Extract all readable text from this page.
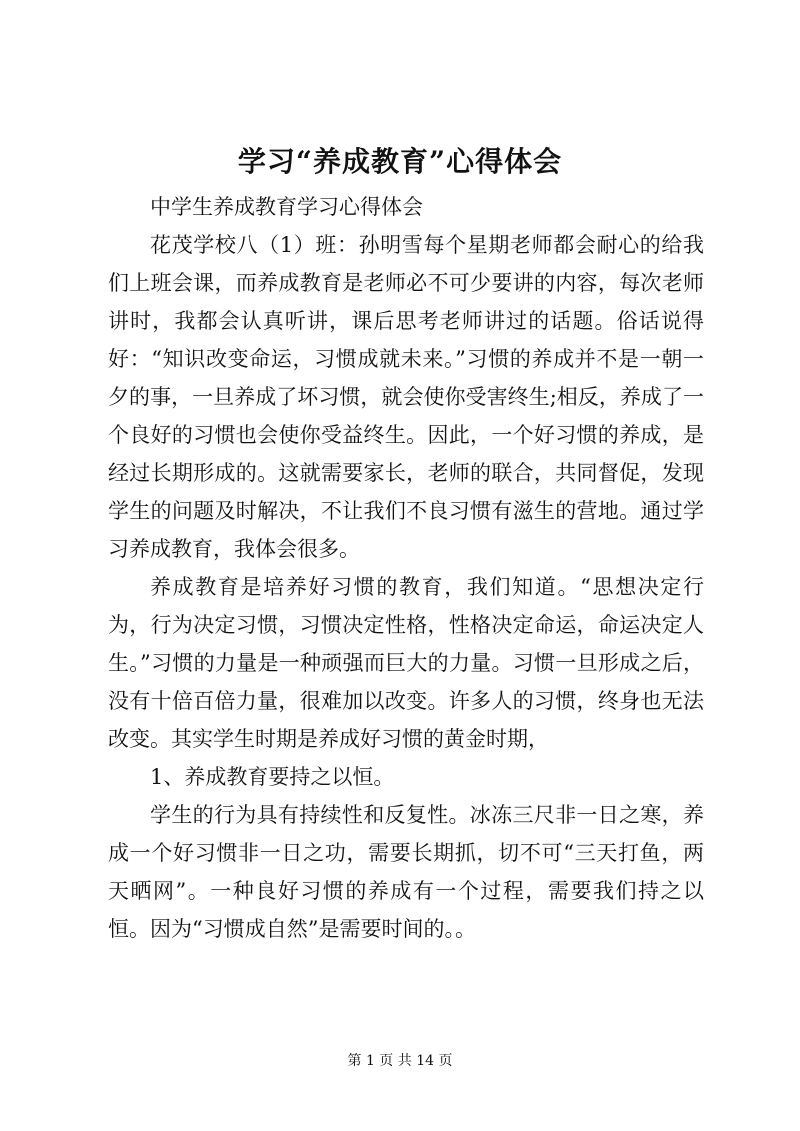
学习“养成教育”心得体会

中学生养成教育学习心得体会

花茂学校八（1）班：孙明雪每个星期老师都会耐心的给我们上班会课，而养成教育是老师必不可少要讲的内容，每次老师讲时，我都会认真听讲，课后思考老师讲过的话题。俗话说得好：“知识改变命运，习惯成就未来。”习惯的养成并不是一朝一夕的事，一旦养成了坏习惯，就会使你受害终生;相反，养成了一个良好的习惯也会使你受益终生。因此，一个好习惯的养成，是经过长期形成的。这就需要家长，老师的联合，共同督促，发现学生的问题及时解决，不让我们不良习惯有滋生的营地。通过学习养成教育，我体会很多。

养成教育是培养好习惯的教育，我们知道。“思想决定行为，行为决定习惯，习惯决定性格，性格决定命运，命运决定人生。”习惯的力量是一种顽强而巨大的力量。习惯一旦形成之后，没有十倍百倍力量，很难加以改变。许多人的习惯，终身也无法改变。其实学生时期是养成好习惯的黄金时期，

1、养成教育要持之以恒。

学生的行为具有持续性和反复性。冰冻三尺非一日之寒，养成一个好习惯非一日之功，需要长期抓，切不可“三天打鱼，两天晒网”。一种良好习惯的养成有一个过程，需要我们持之以恒。因为“习惯成自然”是需要时间的。。

第 1 页 共 14 页
